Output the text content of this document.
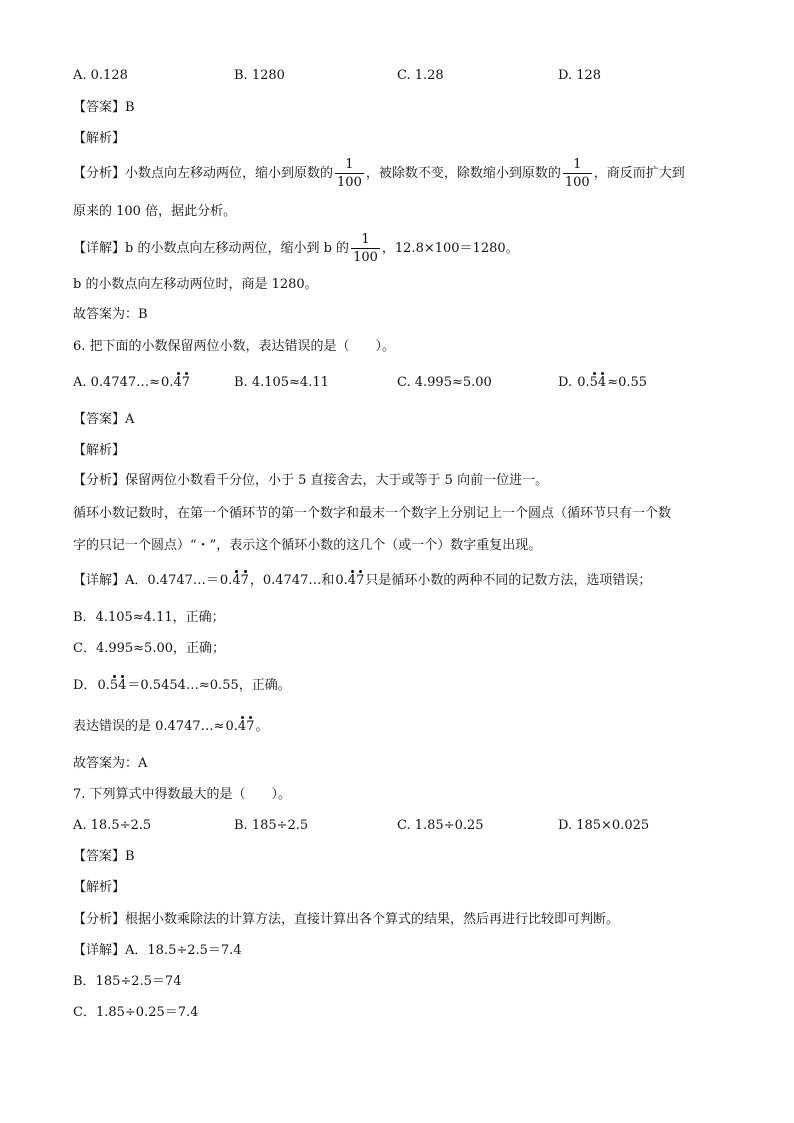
A. 0.128	B. 1280	C. 1.28	D. 128
【答案】B
【解析】
【分析】小数点向左移动两位，缩小到原数的 $\frac{1}{100}$ ，被除数不变，除数缩小到原数的 $\frac{1}{100}$ ，商反而扩大到
原来的 100 倍，据此分析。
【详解】b 的小数点向左移动两位，缩小到 b 的 $\frac{1}{100}$ ，12.8×100＝1280。
b 的小数点向左移动两位时，商是 1280。
故答案为：B
6. 把下面的小数保留两位小数，表达错误的是（　　）。
A. 0.4747…≈0.47	B. 4.105≈4.11	C. 4.995≈5.00	D. 0.54≈0.55
【答案】A
【解析】
【分析】保留两位小数看千分位，小于 5 直接舍去，大于或等于 5 向前一位进一。
循环小数记数时，在第一个循环节的第一个数字和最末一个数字上分别记上一个圆点（循环节只有一个数
字的只记一个圆点）“・”，表示这个循环小数的这几个（或一个）数字重复出现。
【详解】A．0.4747…＝0.47，0.4747…和0.47只是循环小数的两种不同的记数方法，选项错误；
B．4.105≈4.11，正确；
C．4.995≈5.00，正确；
D．0.54＝0.5454…≈0.55，正确。
表达错误的是 0.4747…≈0.47。
故答案为：A
7. 下列算式中得数最大的是（　　）。
A. 18.5÷2.5	B. 185÷2.5	C. 1.85÷0.25	D. 185×0.025
【答案】B
【解析】
【分析】根据小数乘除法的计算方法，直接计算出各个算式的结果，然后再进行比较即可判断。
【详解】A．18.5÷2.5＝7.4
B．185÷2.5＝74
C．1.85÷0.25＝7.4
